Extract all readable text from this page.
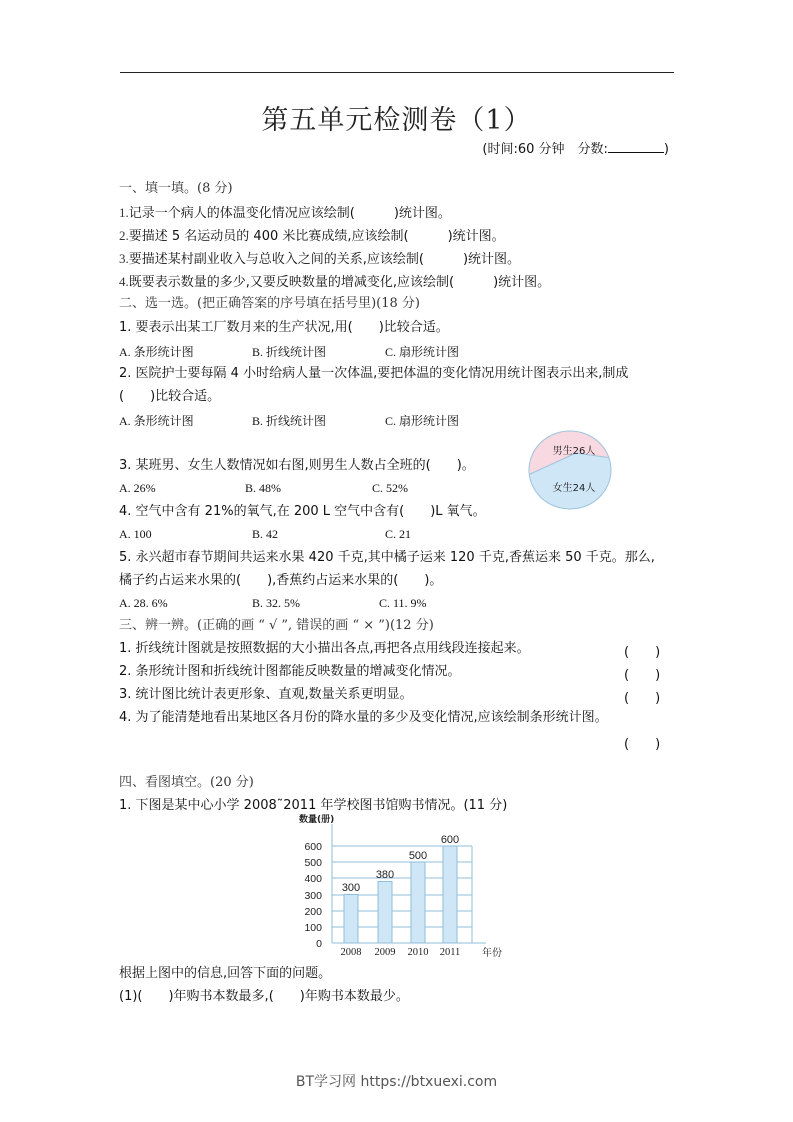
第五单元检测卷（1）
(时间:60 分钟　分数:	)
一、填一填。(8 分)
1.记录一个病人的体温变化情况应该绘制(　　　)统计图。
2.要描述 5 名运动员的 400 米比赛成绩,应该绘制(　　　)统计图。
3.要描述某村副业收入与总收入之间的关系,应该绘制(　　　)统计图。
4.既要表示数量的多少,又要反映数量的增减变化,应该绘制(　　　)统计图。
二、选一选。(把正确答案的序号填在括号里)(18 分)
1. 要表示出某工厂数月来的生产状况,用(　　)比较合适。
A. 条形统计图	B. 折线统计图	C. 扇形统计图
2. 医院护士要每隔 4 小时给病人量一次体温,要把体温的变化情况用统计图表示出来,制成
(　　)比较合适。
A. 条形统计图	B. 折线统计图	C. 扇形统计图
3. 某班男、女生人数情况如右图,则男生人数占全班的(　　)。
A. 26%	B. 48%	C. 52%
男生26人
女生24人
4. 空气中含有 21%的氧气,在 200 L 空气中含有(　　)L 氧气。
A. 100	B. 42	C. 21
5. 永兴超市春节期间共运来水果 420 千克,其中橘子运来 120 千克,香蕉运来 50 千克。那么,
橘子约占运来水果的(　　),香蕉约占运来水果的(　　)。
A. 28. 6%	B. 32. 5%	C. 11. 9%
三、辨一辨。(正确的画 “ √ ”, 错误的画 “ × ”)(12 分)
1. 折线统计图就是按照数据的大小描出各点,再把各点用线段连接起来。	(　　)
2. 条形统计图和折线统计图都能反映数量的增减变化情况。	(　　)
3. 统计图比统计表更形象、直观,数量关系更明显。	(　　)
4. 为了能清楚地看出某地区各月份的降水量的多少及变化情况,应该绘制条形统计图。
(　　)
四、看图填空。(20 分)
1. 下图是某中心小学 2008˜2011 年学校图书馆购书情况。(11 分)
数量(册)
300
380
500
600
0
100
200
300
400
500
600
2008 2009 2010 2011 年份
根据上图中的信息,回答下面的问题。
(1)(　　)年购书本数最多,(　　)年购书本数最少。
BT学习网 https://btxuexi.com
